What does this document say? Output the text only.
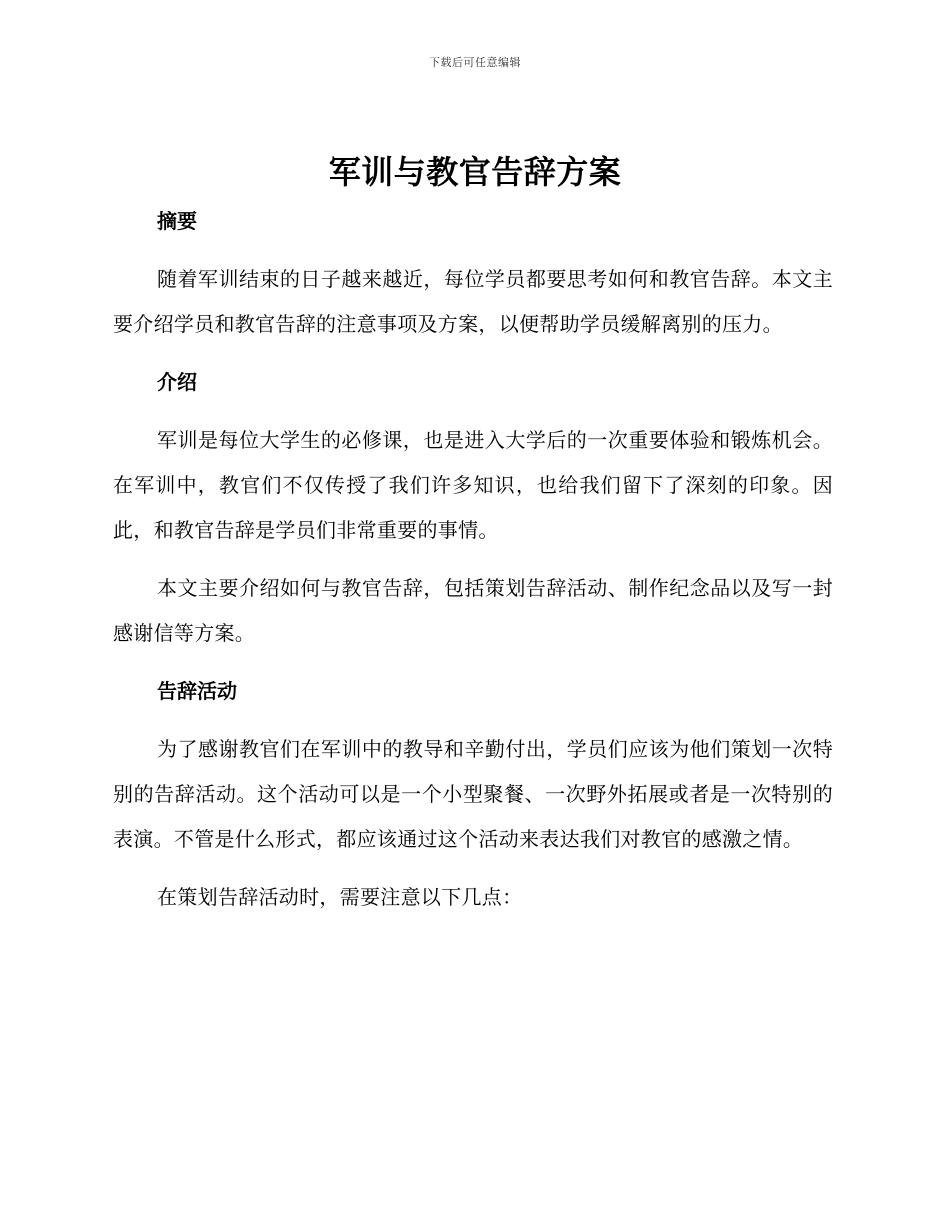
下载后可任意编辑
军训与教官告辞方案
摘要

随着军训结束的日子越来越近，每位学员都要思考如何和教官告辞。本文主要介绍学员和教官告辞的注意事项及方案，以便帮助学员缓解离别的压力。

介绍

军训是每位大学生的必修课，也是进入大学后的一次重要体验和锻炼机会。在军训中，教官们不仅传授了我们许多知识，也给我们留下了深刻的印象。因此，和教官告辞是学员们非常重要的事情。

本文主要介绍如何与教官告辞，包括策划告辞活动、制作纪念品以及写一封感谢信等方案。

告辞活动

为了感谢教官们在军训中的教导和辛勤付出，学员们应该为他们策划一次特别的告辞活动。这个活动可以是一个小型聚餐、一次野外拓展或者是一次特别的表演。不管是什么形式，都应该通过这个活动来表达我们对教官的感激之情。

在策划告辞活动时，需要注意以下几点：
